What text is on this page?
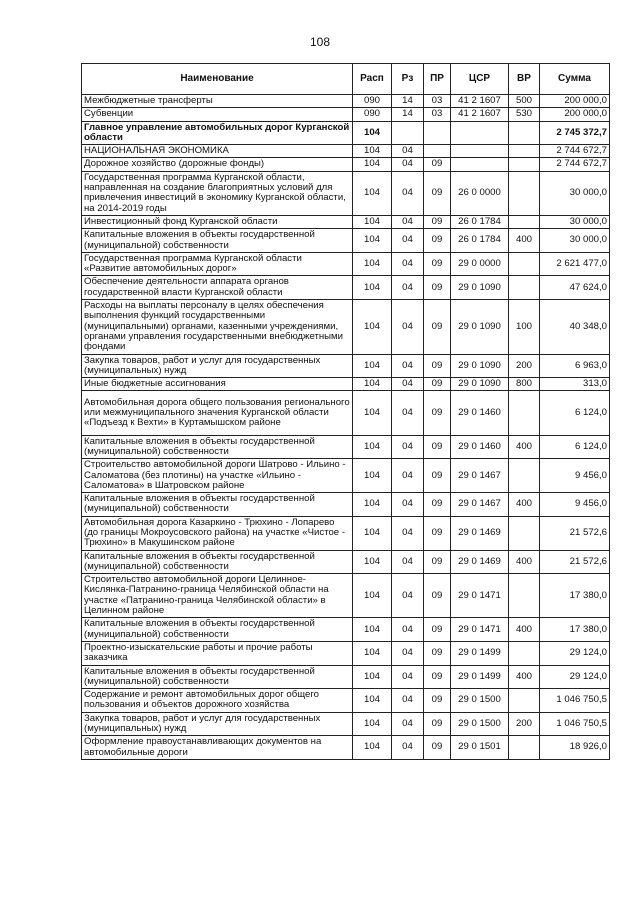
108
Наименование	Расп	Рз	ПР	ЦСР	ВР	Сумма
Межбюджетные трансферты	090	14	03	41 2 1607	500	200 000,0
Субвенции	090	14	03	41 2 1607	530	200 000,0
Главное управление автомобильных дорог Курганской области	104					2 745 372,7
НАЦИОНАЛЬНАЯ ЭКОНОМИКА	104	04				2 744 672,7
Дорожное хозяйство (дорожные фонды)	104	04	09			2 744 672,7
Государственная программа Курганской области, направленная на создание благоприятных условий для привлечения инвестиций в экономику Курганской области, на 2014-2019 годы	104	04	09	26 0 0000		30 000,0
Инвестиционный фонд Курганской области	104	04	09	26 0 1784		30 000,0
Капитальные вложения в объекты государственной (муниципальной) собственности	104	04	09	26 0 1784	400	30 000,0
Государственная программа Курганской области «Развитие автомобильных дорог»	104	04	09	29 0 0000		2 621 477,0
Обеспечение деятельности аппарата органов государственной власти Курганской области	104	04	09	29 0 1090		47 624,0
Расходы на выплаты персоналу в целях обеспечения выполнения функций государственными (муниципальными) органами, казенными учреждениями, органами управления государственными внебюджетными фондами	104	04	09	29 0 1090	100	40 348,0
Закупка товаров, работ и услуг для государственных (муниципальных) нужд	104	04	09	29 0 1090	200	6 963,0
Иные бюджетные ассигнования	104	04	09	29 0 1090	800	313,0
Автомобильная дорога общего пользования регионального или межмуниципального значения Курганской области «Подъезд к Вехти» в Куртамышском районе	104	04	09	29 0 1460		6 124,0
Капитальные вложения в объекты государственной (муниципальной) собственности	104	04	09	29 0 1460	400	6 124,0
Строительство автомобильной дороги Шатрово - Ильино - Саломатова (без плотины) на участке «Ильино - Саломатова» в Шатровском районе	104	04	09	29 0 1467		9 456,0
Капитальные вложения в объекты государственной (муниципальной) собственности	104	04	09	29 0 1467	400	9 456,0
Автомобильная дорога Казаркино - Трюхино - Лопарево (до границы Мокроусовского района) на участке «Чистое - Трюхино» в Макушинском районе	104	04	09	29 0 1469		21 572,6
Капитальные вложения в объекты государственной (муниципальной) собственности	104	04	09	29 0 1469	400	21 572,6
Строительство автомобильной дороги Целинное-Кислянка-Патранино-граница Челябинской области на участке «Патранино-граница Челябинской области» в Целинном районе	104	04	09	29 0 1471		17 380,0
Капитальные вложения в объекты государственной (муниципальной) собственности	104	04	09	29 0 1471	400	17 380,0
Проектно-изыскательские работы и прочие работы заказчика	104	04	09	29 0 1499		29 124,0
Капитальные вложения в объекты государственной (муниципальной) собственности	104	04	09	29 0 1499	400	29 124,0
Содержание и ремонт автомобильных дорог общего пользования и объектов дорожного хозяйства	104	04	09	29 0 1500		1 046 750,5
Закупка товаров, работ и услуг для государственных (муниципальных) нужд	104	04	09	29 0 1500	200	1 046 750,5
Оформление правоустанавливающих документов на автомобильные дороги	104	04	09	29 0 1501		18 926,0
